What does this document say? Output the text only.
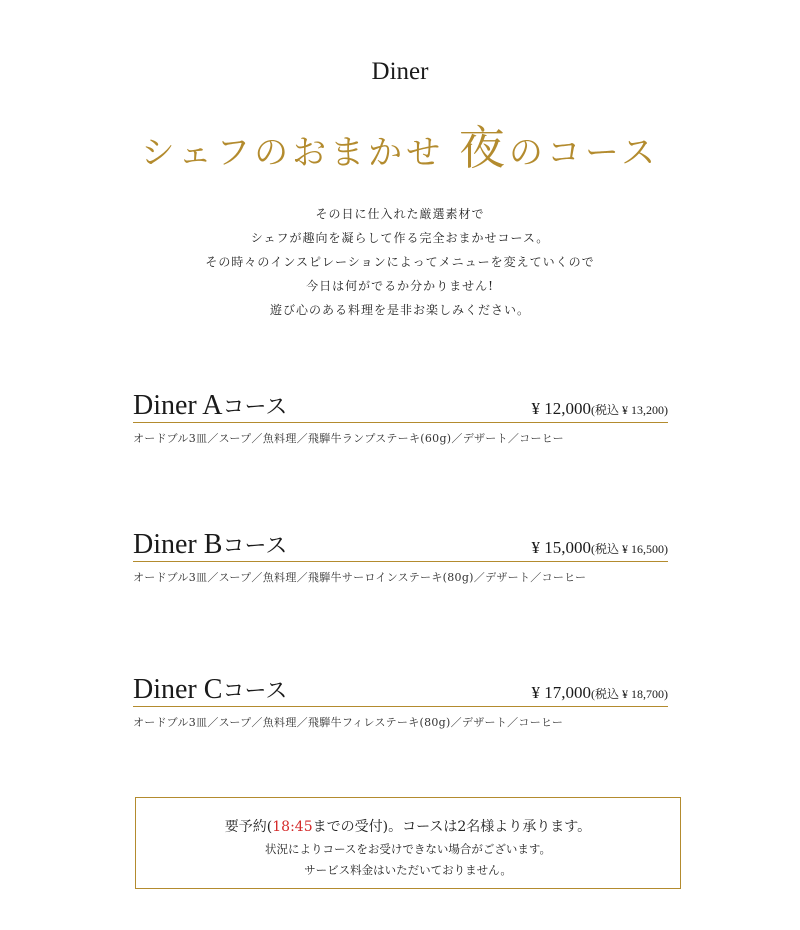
Diner
シェフのおまかせ 夜のコース
その日に仕入れた厳選素材で
シェフが趣向を凝らして作る完全おまかせコース。
その時々のインスピレーションによってメニューを変えていくので
今日は何がでるか分かりません!
遊び心のある料理を是非お楽しみください。
Diner Aコース	¥ 12,000(税込 ¥ 13,200)
オードブル3皿／スープ／魚料理／飛騨牛ランプステーキ(60g)／デザート／コーヒー
Diner Bコース	¥ 15,000(税込 ¥ 16,500)
オードブル3皿／スープ／魚料理／飛騨牛サーロインステーキ(80g)／デザート／コーヒー
Diner Cコース	¥ 17,000(税込 ¥ 18,700)
オードブル3皿／スープ／魚料理／飛騨牛フィレステーキ(80g)／デザート／コーヒー
要予約(18:45までの受付)。コースは2名様より承ります。
状況によりコースをお受けできない場合がございます。
サービス料金はいただいておりません。
